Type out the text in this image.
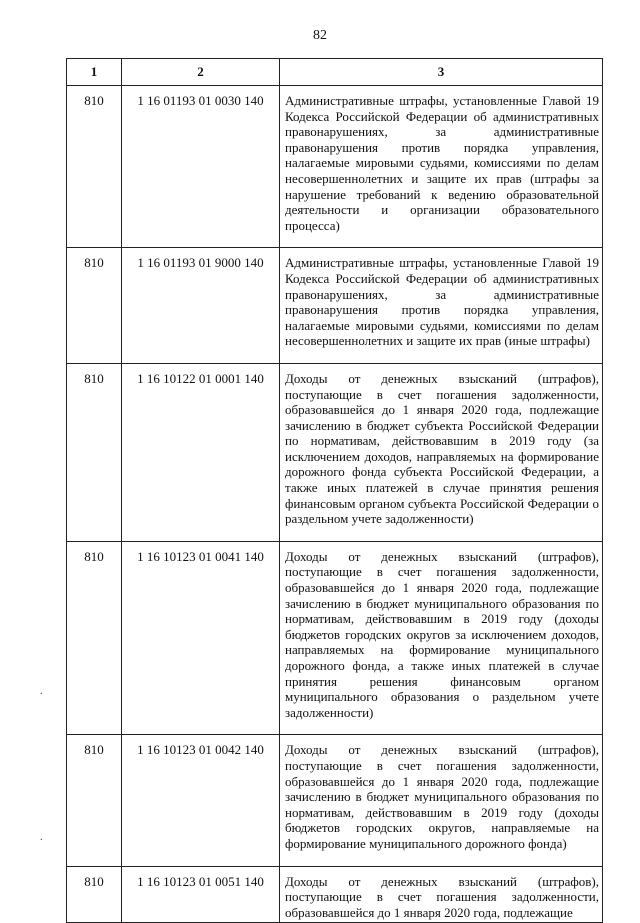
82
.
.
1	2	3
810	1 16 01193 01 0030 140	Административные штрафы, установленные Главой 19 Кодекса Российской Федерации об административных правонарушениях, за административные правонарушения против порядка управления, налагаемые мировыми судьями, комиссиями по делам несовершеннолетних и защите их прав (штрафы за нарушение требований к ведению образовательной деятельности и организации образовательного процесса)
810	1 16 01193 01 9000 140	Административные штрафы, установленные Главой 19 Кодекса Российской Федерации об административных правонарушениях, за административные правонарушения против порядка управления, налагаемые мировыми судьями, комиссиями по делам несовершеннолетних и защите их прав (иные штрафы)
810	1 16 10122 01 0001 140	Доходы от денежных взысканий (штрафов), поступающие в счет погашения задолженности, образовавшейся до 1 января 2020 года, подлежащие зачислению в бюджет субъекта Российской Федерации по нормативам, действовавшим в 2019 году (за исключением доходов, направляемых на формирование дорожного фонда субъекта Российской Федерации, а также иных платежей в случае принятия решения финансовым органом субъекта Российской Федерации о раздельном учете задолженности)
810	1 16 10123 01 0041 140	Доходы от денежных взысканий (штрафов), поступающие в счет погашения задолженности, образовавшейся до 1 января 2020 года, подлежащие зачислению в бюджет муниципального образования по нормативам, действовавшим в 2019 году (доходы бюджетов городских округов за исключением доходов, направляемых на формирование муниципального дорожного фонда, а также иных платежей в случае принятия решения финансовым органом муниципального образования о раздельном учете задолженности)
810	1 16 10123 01 0042 140	Доходы от денежных взысканий (штрафов), поступающие в счет погашения задолженности, образовавшейся до 1 января 2020 года, подлежащие зачислению в бюджет муниципального образования по нормативам, действовавшим в 2019 году (доходы бюджетов городских округов, направляемые на формирование муниципального дорожного фонда)
810	1 16 10123 01 0051 140	Доходы от денежных взысканий (штрафов), поступающие в счет погашения задолженности, образовавшейся до 1 января 2020 года, подлежащие
